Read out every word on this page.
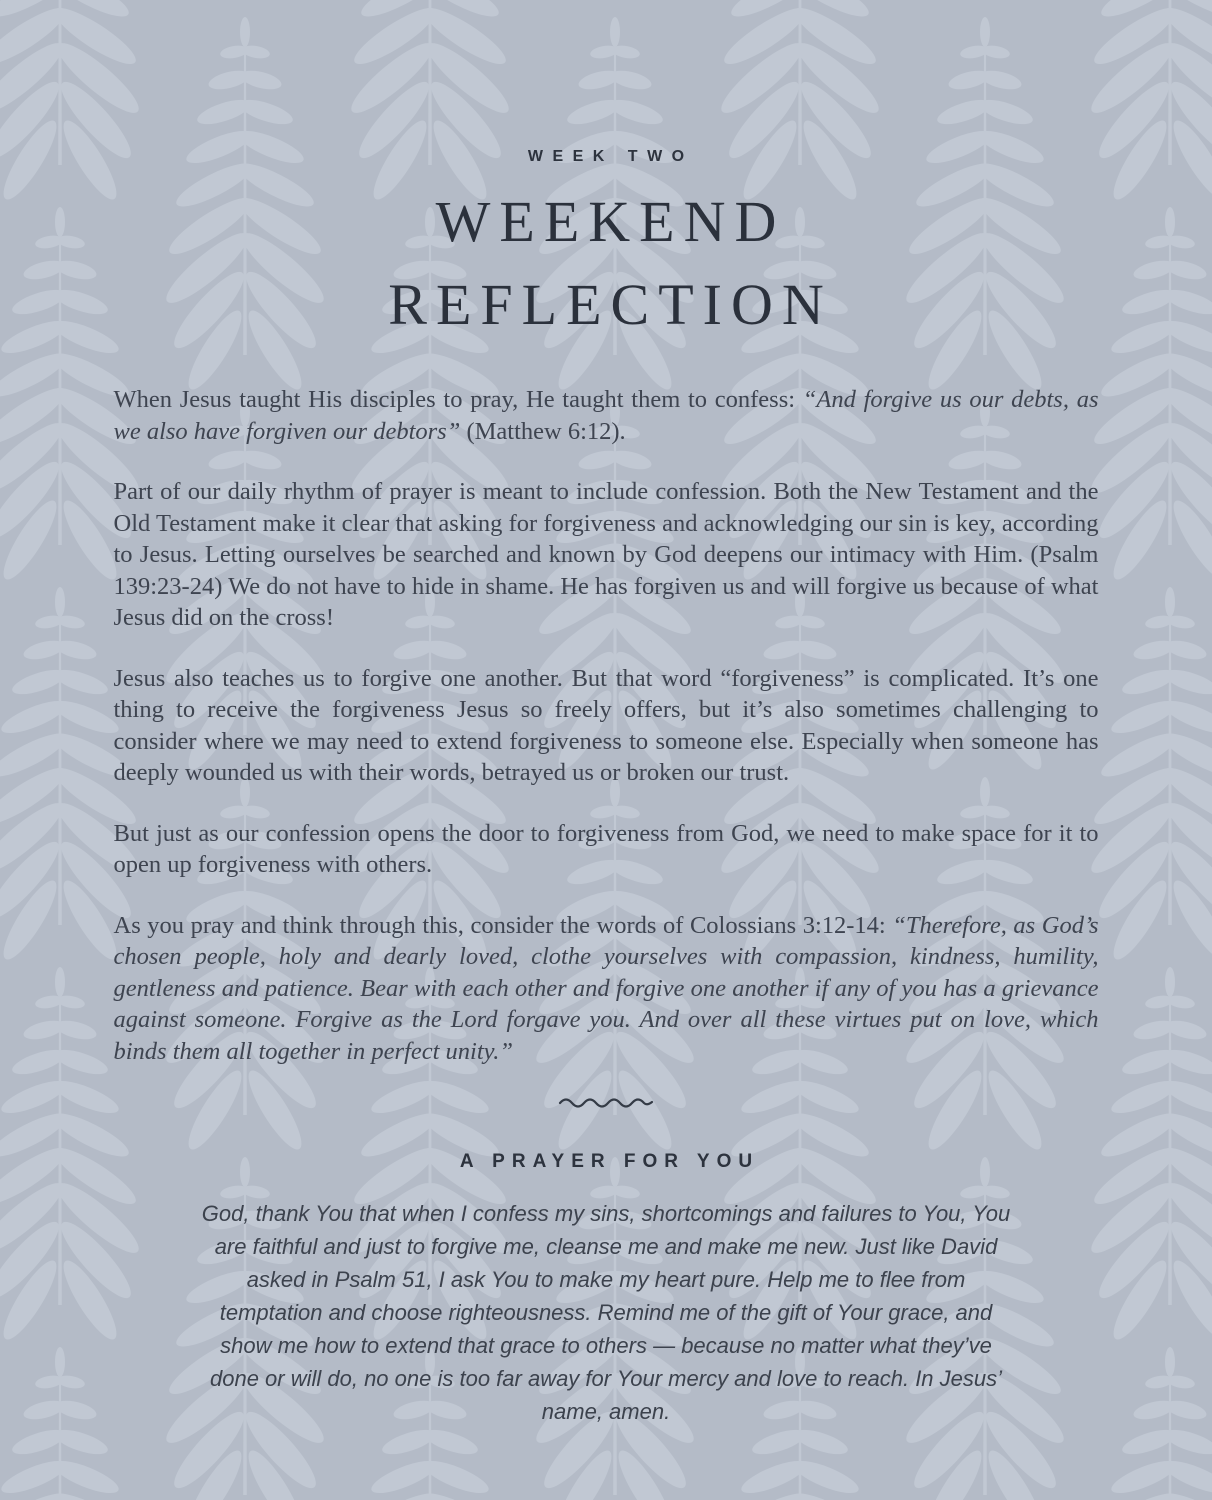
WEEK TWO
WEEKEND
REFLECTION

When Jesus taught His disciples to pray, He taught them to confess: “And forgive us our debts, as we also have forgiven our debtors” (Matthew 6:12).

Part of our daily rhythm of prayer is meant to include confession. Both the New Testament and the Old Testament make it clear that asking for forgiveness and acknowledging our sin is key, according to Jesus. Letting ourselves be searched and known by God deepens our intimacy with Him. (Psalm 139:23-24) We do not have to hide in shame. He has forgiven us and will forgive us because of what Jesus did on the cross!

Jesus also teaches us to forgive one another. But that word “forgiveness” is complicated. It’s one thing to receive the forgiveness Jesus so freely offers, but it’s also sometimes challenging to consider where we may need to extend forgiveness to someone else. Especially when someone has deeply wounded us with their words, betrayed us or broken our trust.

But just as our confession opens the door to forgiveness from God, we need to make space for it to open up forgiveness with others.

As you pray and think through this, consider the words of Colossians 3:12-14: “Therefore, as God’s chosen people, holy and dearly loved, clothe yourselves with compassion, kindness, humility, gentleness and patience. Bear with each other and forgive one another if any of you has a grievance against someone. Forgive as the Lord forgave you. And over all these virtues put on love, which binds them all together in perfect unity.”

A PRAYER FOR YOU
God, thank You that when I confess my sins, shortcomings and failures to You, You are faithful and just to forgive me, cleanse me and make me new. Just like David asked in Psalm 51, I ask You to make my heart pure. Help me to flee from temptation and choose righteousness. Remind me of the gift of Your grace, and show me how to extend that grace to others — because no matter what they’ve done or will do, no one is too far away for Your mercy and love to reach. In Jesus’ name, amen.
